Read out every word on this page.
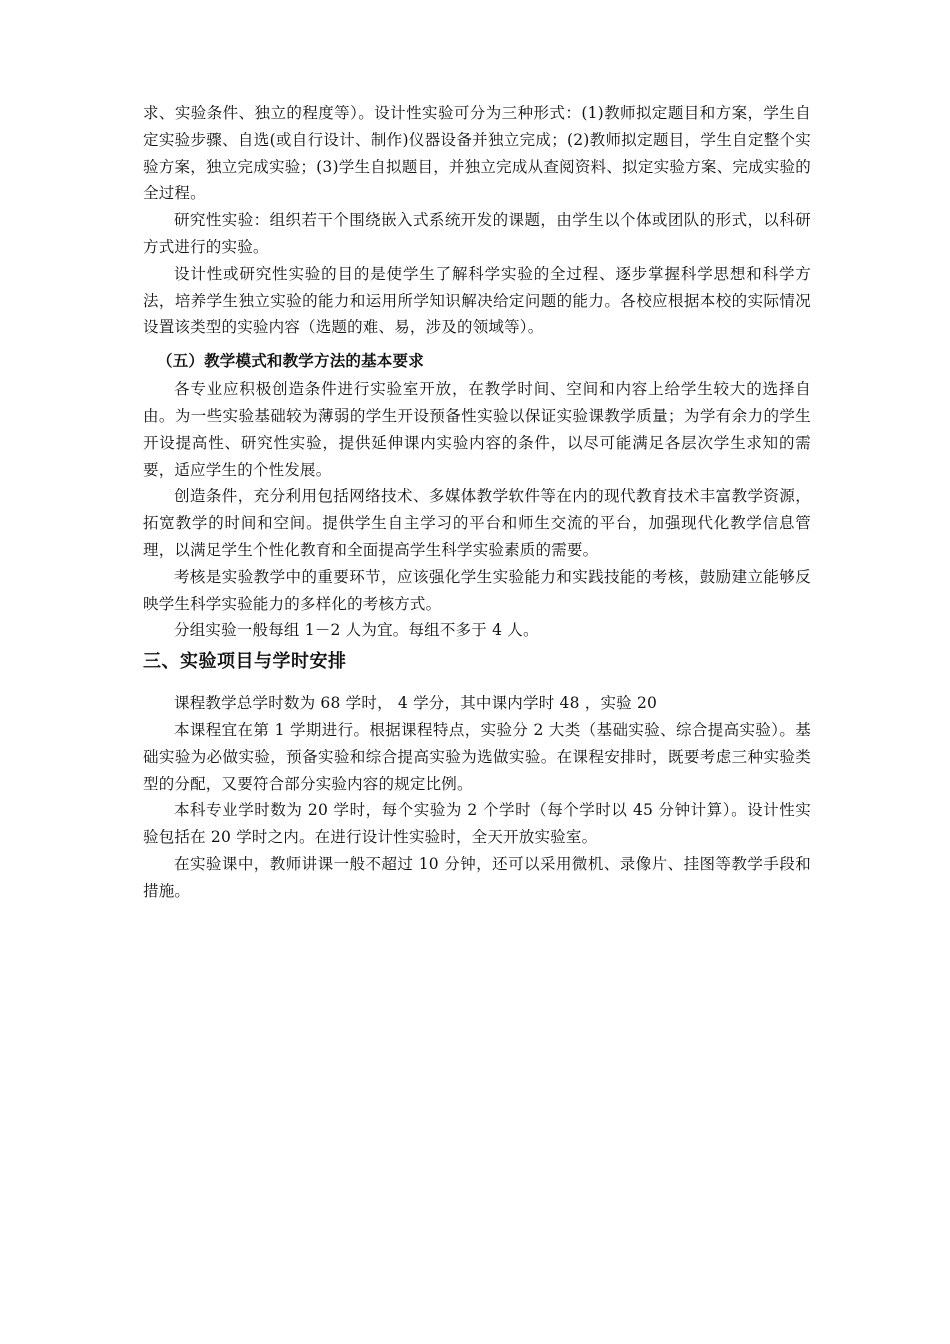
求、实验条件、独立的程度等）。设计性实验可分为三种形式：(1)教师拟定题目和方案，学生自定实验步骤、自选(或自行设计、制作)仪器设备并独立完成；(2)教师拟定题目，学生自定整个实验方案，独立完成实验；(3)学生自拟题目，并独立完成从查阅资料、拟定实验方案、完成实验的全过程。

研究性实验：组织若干个围绕嵌入式系统开发的课题，由学生以个体或团队的形式，以科研方式进行的实验。

设计性或研究性实验的目的是使学生了解科学实验的全过程、逐步掌握科学思想和科学方法，培养学生独立实验的能力和运用所学知识解决给定问题的能力。各校应根据本校的实际情况设置该类型的实验内容（选题的难、易，涉及的领域等）。

（五）教学模式和教学方法的基本要求

各专业应积极创造条件进行实验室开放，在教学时间、空间和内容上给学生较大的选择自由。为一些实验基础较为薄弱的学生开设预备性实验以保证实验课教学质量；为学有余力的学生开设提高性、研究性实验，提供延伸课内实验内容的条件，以尽可能满足各层次学生求知的需要，适应学生的个性发展。

创造条件，充分利用包括网络技术、多媒体教学软件等在内的现代教育技术丰富教学资源，拓宽教学的时间和空间。提供学生自主学习的平台和师生交流的平台，加强现代化教学信息管理，以满足学生个性化教育和全面提高学生科学实验素质的需要。

考核是实验教学中的重要环节，应该强化学生实验能力和实践技能的考核，鼓励建立能够反映学生科学实验能力的多样化的考核方式。

分组实验一般每组 1－2 人为宜。每组不多于 4 人。

三、实验项目与学时安排

课程教学总学时数为 68 学时， 4 学分，其中课内学时 48 ，实验 20

本课程宜在第 1 学期进行。根据课程特点，实验分 2 大类（基础实验、综合提高实验）。基础实验为必做实验，预备实验和综合提高实验为选做实验。在课程安排时，既要考虑三种实验类型的分配，又要符合部分实验内容的规定比例。

本科专业学时数为 20 学时，每个实验为 2 个学时（每个学时以 45 分钟计算）。设计性实验包括在 20 学时之内。在进行设计性实验时，全天开放实验室。

在实验课中，教师讲课一般不超过 10 分钟，还可以采用微机、录像片、挂图等教学手段和措施。
